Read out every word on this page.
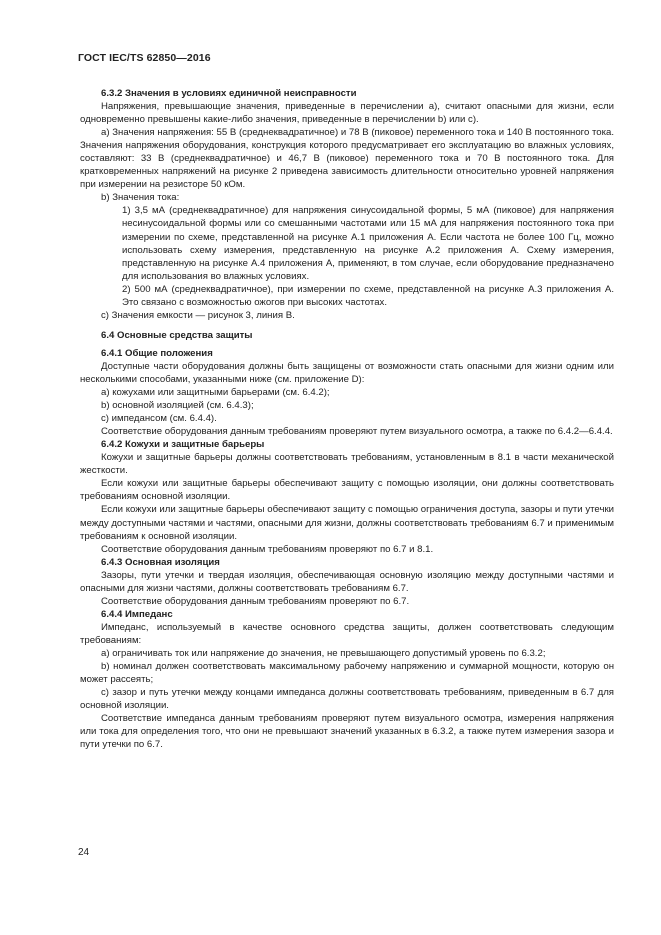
ГОСТ IEC/TS 62850—2016

6.3.2 Значения в условиях единичной неисправности

Напряжения, превышающие значения, приведенные в перечислении а), считают опасными для жизни, если одновременно превышены какие-либо значения, приведенные в перечислении b) или с).

а) Значения напряжения: 55 В (среднеквадратичное) и 78 В (пиковое) переменного тока и 140 В постоянного тока. Значения напряжения оборудования, конструкция которого предусматривает его эксплуатацию во влажных условиях, составляют: 33 В (среднеквадратичное) и 46,7 В (пиковое) переменного тока и 70 В постоянного тока. Для кратковременных напряжений на рисунке 2 приведена зависимость длительности относительно уровней напряжения при измерении на резисторе 50 кОм.

b) Значения тока:

1) 3,5 мА (среднеквадратичное) для напряжения синусоидальной формы, 5 мА (пиковое) для напряжения несинусоидальной формы или со смешанными частотами или 15 мА для напряжения постоянного тока при измерении по схеме, представленной на рисунке А.1 приложения А. Если частота не более 100 Гц, можно использовать схему измерения, представленную на рисунке А.2 приложения А. Схему измерения, представленную на рисунке А.4 приложения А, применяют, в том случае, если оборудование предназначено для использования во влажных условиях.

2) 500 мА (среднеквадратичное), при измерении по схеме, представленной на рисунке А.3 приложения А. Это связано с возможностью ожогов при высоких частотах.

с) Значения емкости — рисунок 3, линия В.

6.4 Основные средства защиты

6.4.1 Общие положения

Доступные части оборудования должны быть защищены от возможности стать опасными для жизни одним или несколькими способами, указанными ниже (см. приложение D):

а) кожухами или защитными барьерами (см. 6.4.2);

b) основной изоляцией (см. 6.4.3);

с) импедансом (см. 6.4.4).

Соответствие оборудования данным требованиям проверяют путем визуального осмотра, а также по 6.4.2—6.4.4.

6.4.2 Кожухи и защитные барьеры

Кожухи и защитные барьеры должны соответствовать требованиям, установленным в 8.1 в части механической жесткости.

Если кожухи или защитные барьеры обеспечивают защиту с помощью изоляции, они должны соответствовать требованиям основной изоляции.

Если кожухи или защитные барьеры обеспечивают защиту с помощью ограничения доступа, зазоры и пути утечки между доступными частями и частями, опасными для жизни, должны соответствовать требованиям 6.7 и применимым требованиям к основной изоляции.

Соответствие оборудования данным требованиям проверяют по 6.7 и 8.1.

6.4.3 Основная изоляция

Зазоры, пути утечки и твердая изоляция, обеспечивающая основную изоляцию между доступными частями и опасными для жизни частями, должны соответствовать требованиям 6.7.

Соответствие оборудования данным требованиям проверяют по 6.7.

6.4.4 Импеданс

Импеданс, используемый в качестве основного средства защиты, должен соответствовать следующим требованиям:

а) ограничивать ток или напряжение до значения, не превышающего допустимый уровень по 6.3.2;

b) номинал должен соответствовать максимальному рабочему напряжению и суммарной мощности, которую он может рассеять;

с) зазор и путь утечки между концами импеданса должны соответствовать требованиям, приведенным в 6.7 для основной изоляции.

Соответствие импеданса данным требованиям проверяют путем визуального осмотра, измерения напряжения или тока для определения того, что они не превышают значений указанных в 6.3.2, а также путем измерения зазора и пути утечки по 6.7.

24
